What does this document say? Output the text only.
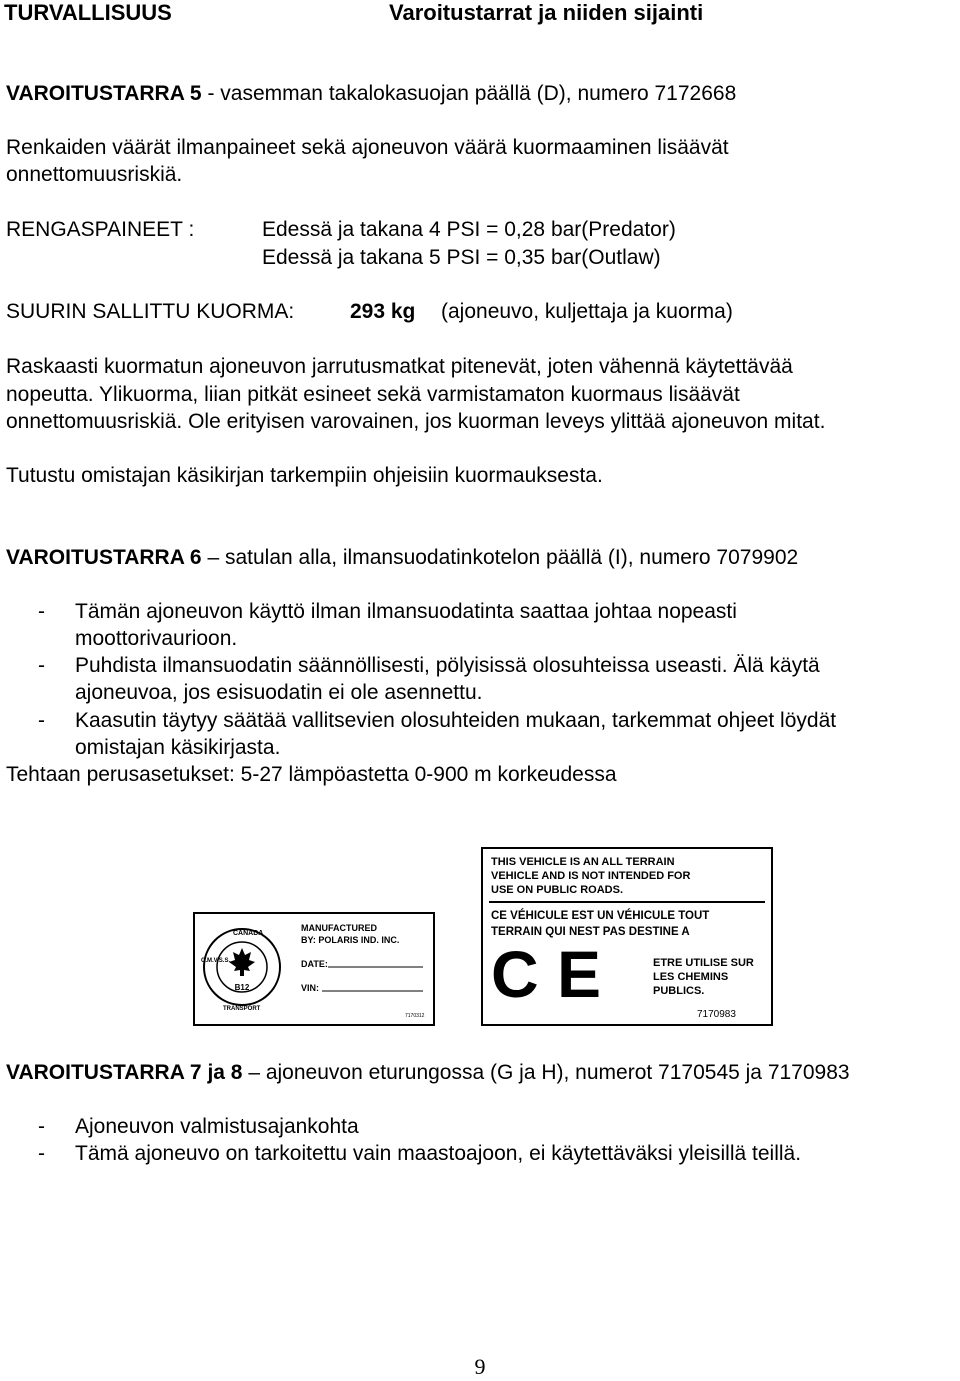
TURVALLISUUS	Varoitustarrat ja niiden sijainti
VAROITUSTARRA 5 - vasemman takalokasuojan päällä (D), numero 7172668
Renkaiden väärät ilmanpaineet sekä ajoneuvon väärä kuormaaminen lisäävät
onnettomuusriskiä.
RENGASPAINEET :	Edessä ja takana 4 PSI = 0,28 bar(Predator)
Edessä ja takana 5 PSI = 0,35 bar(Outlaw)
SUURIN SALLITTU KUORMA:	293 kg (ajoneuvo, kuljettaja ja kuorma)
Raskaasti kuormatun ajoneuvon jarrutusmatkat pitenevät, joten vähennä käytettävää
nopeutta. Ylikuorma, liian pitkät esineet sekä varmistamaton kuormaus lisäävät
onnettomuusriskiä. Ole erityisen varovainen, jos kuorman leveys ylittää ajoneuvon mitat.
Tutustu omistajan käsikirjan tarkempiin ohjeisiin kuormauksesta.
VAROITUSTARRA 6 – satulan alla, ilmansuodatinkotelon päällä (I), numero 7079902
- Tämän ajoneuvon käyttö ilman ilmansuodatinta saattaa johtaa nopeasti
moottorivaurioon.
- Puhdista ilmansuodatin säännöllisesti, pölyisissä olosuhteissa useasti. Älä käytä
ajoneuvoa, jos esisuodatin ei ole asennettu.
- Kaasutin täytyy säätää vallitsevien olosuhteiden mukaan, tarkemmat ohjeet löydät
omistajan käsikirjasta.
Tehtaan perusasetukset: 5-27 lämpöastetta 0-900 m korkeudessa
B12
CANADA
C.M.V.S.S.
TRANSPORT
MANUFACTURED
BY: POLARIS IND. INC.
DATE:
VIN:
7170312
THIS VEHICLE IS AN ALL TERRAIN
VEHICLE AND IS NOT INTENDED FOR
USE ON PUBLIC ROADS.
CE VÉHICULE EST UN VÉHICULE TOUT
TERRAIN QUI NEST PAS DESTINE A
CE	ETRE UTILISE SUR
LES CHEMINS
PUBLICS.
7170983
VAROITUSTARRA 7 ja 8 – ajoneuvon eturungossa (G ja H), numerot 7170545 ja 7170983
- Ajoneuvon valmistusajankohta
- Tämä ajoneuvo on tarkoitettu vain maastoajoon, ei käytettäväksi yleisillä teillä.
9
